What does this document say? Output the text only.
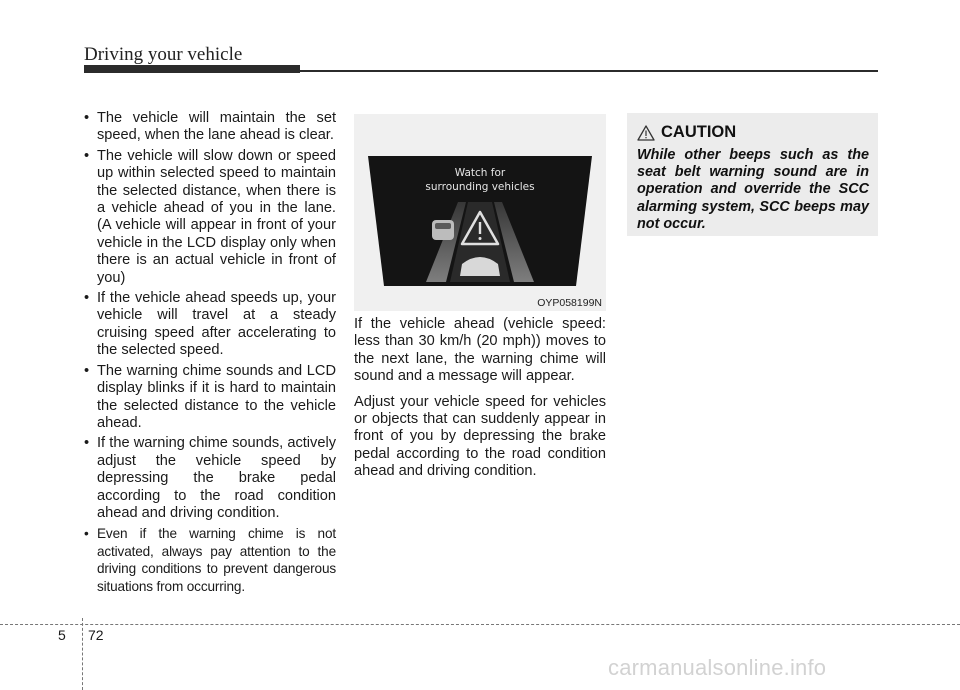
Driving your vehicle

• The vehicle will maintain the set speed, when the lane ahead is clear.

• The vehicle will slow down or speed up within selected speed to maintain the selected distance, when there is a vehicle ahead of you in the lane. (A vehicle will appear in front of your vehicle in the LCD display only when there is an actual vehicle in front of you)

• If the vehicle ahead speeds up, your vehicle will travel at a steady cruising speed after accelerating to the selected speed.

• The warning chime sounds and LCD display blinks if it is hard to maintain the selected distance to the vehicle ahead.

• If the warning chime sounds, actively adjust the vehicle speed by depressing the brake pedal according to the road condition ahead and driving condition.

• Even if the warning chime is not activated, always pay attention to the driving conditions to prevent dangerous situations from occurring.

Watch for
surrounding vehicles
OYP058199N

If the vehicle ahead (vehicle speed: less than 30 km/h (20 mph)) moves to the next lane, the warning chime will sound and a message will appear.

Adjust your vehicle speed for vehicles or objects that can suddenly appear in front of you by depressing the brake pedal according to the road condition ahead and driving condition.

CAUTION
While other beeps such as the seat belt warning sound are in operation and override the SCC alarming system, SCC beeps may not occur.
5 72
carmanualsonline.info
